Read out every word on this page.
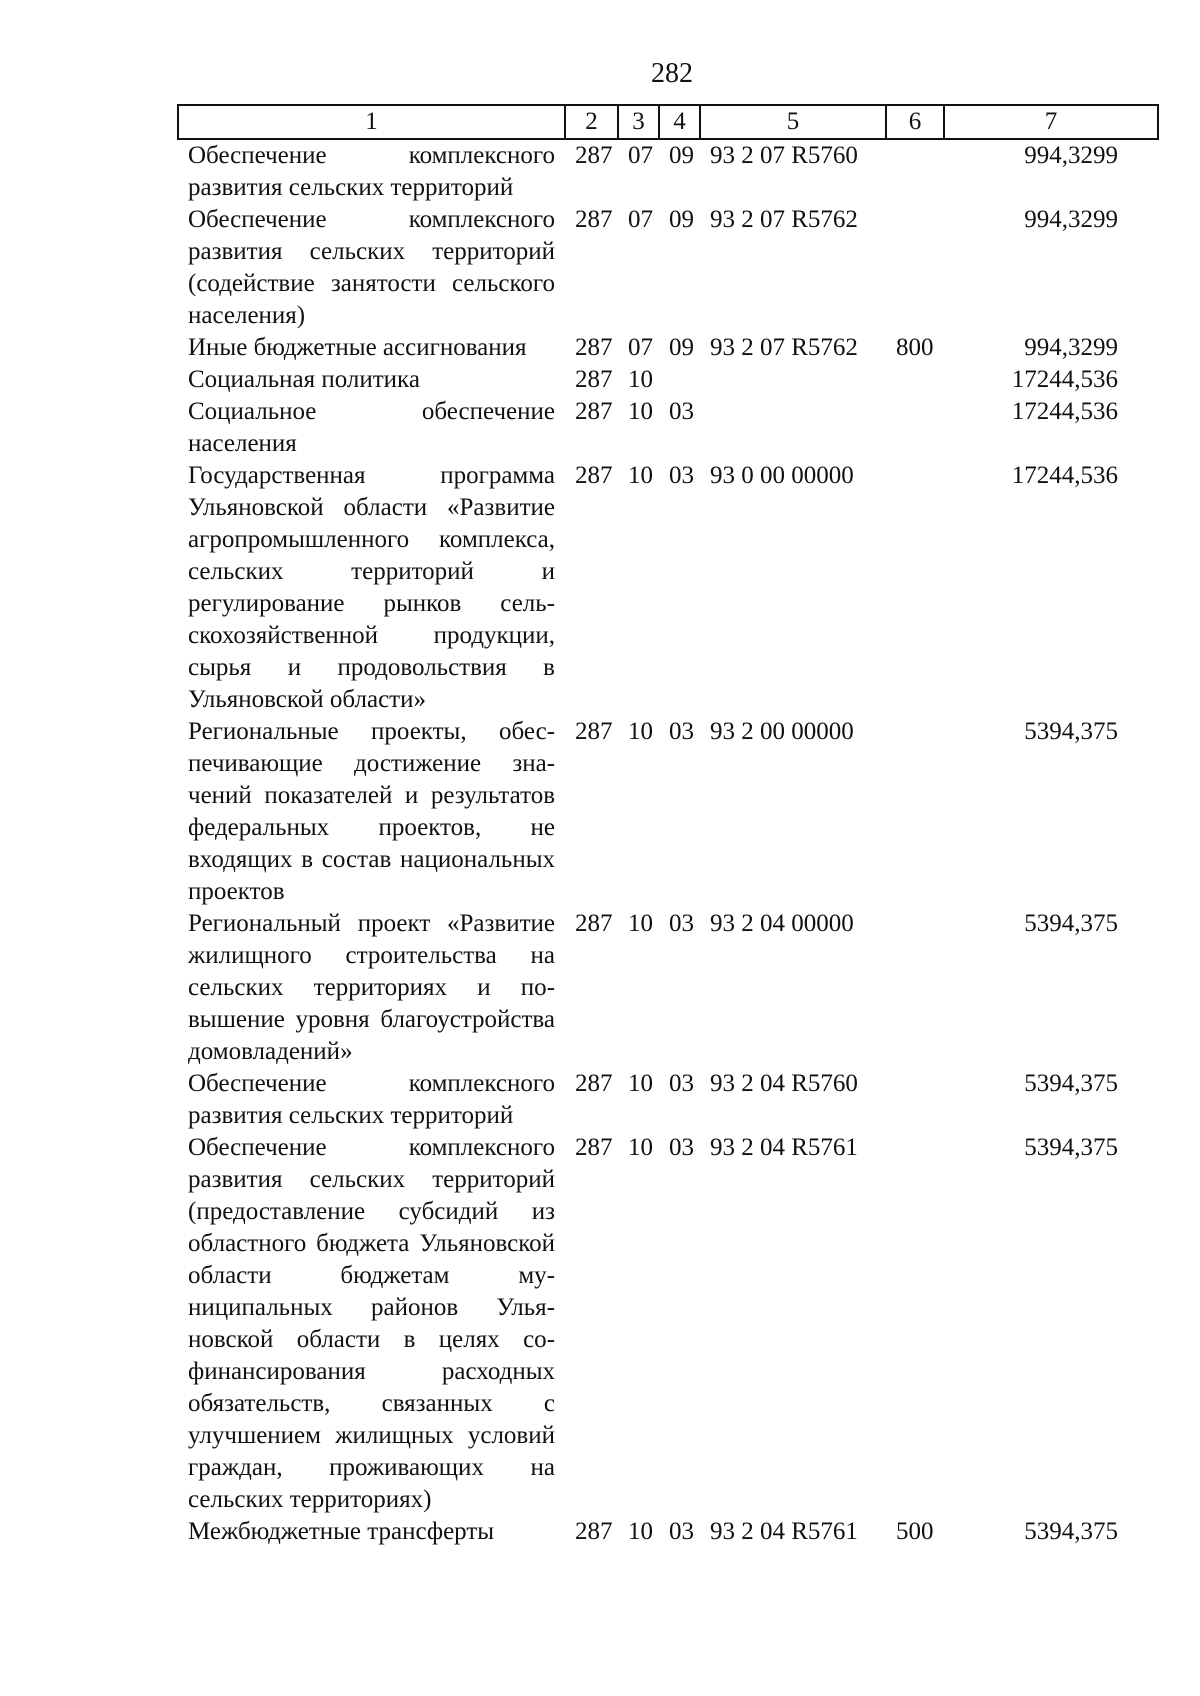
282
1	2	3	4	5	6	7
Обеспечение комплексного развития сельских территорий	287	07	09	93 2 07 R5760		994,3299
Обеспечение комплексного развития сельских территорий (содействие занятости сельского населения)	287	07	09	93 2 07 R5762		994,3299
Иные бюджетные ассигнования	287	07	09	93 2 07 R5762	800	994,3299
Социальная политика	287	10				17244,536
Социальное обеспечение населения	287	10	03			17244,536
Государственная программа Ульяновской области «Развитие агропромышленного комплекса, сельских территорий и регулирование рынков сельскохозяйственной продукции, сырья и продовольствия в Ульяновской области»	287	10	03	93 0 00 00000		17244,536
Региональные проекты, обеспечивающие достижение значений показателей и результатов федеральных проектов, не входящих в состав национальных проектов	287	10	03	93 2 00 00000		5394,375
Региональный проект «Развитие жилищного строительства на сельских территориях и повышение уровня благоустройства домовладений»	287	10	03	93 2 04 00000		5394,375
Обеспечение комплексного развития сельских территорий	287	10	03	93 2 04 R5760		5394,375
Обеспечение комплексного развития сельских территорий (предоставление субсидий из областного бюджета Ульяновской области бюджетам муниципальных районов Ульяновской области в целях софинансирования расходных обязательств, связанных с улучшением жилищных условий граждан, проживающих на сельских территориях)	287	10	03	93 2 04 R5761		5394,375
Межбюджетные трансферты	287	10	03	93 2 04 R5761	500	5394,375
